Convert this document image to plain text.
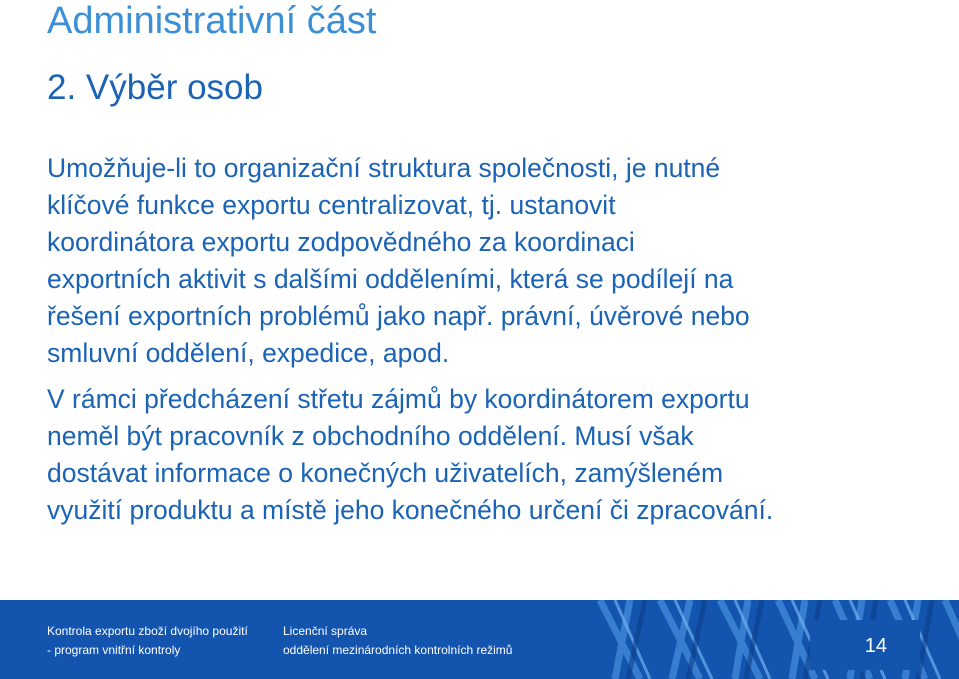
Administrativní část
2. Výběr osob

Umožňuje-li to organizační struktura společnosti, je nutné
klíčové funkce exportu centralizovat, tj. ustanovit
koordinátora exportu zodpovědného za koordinaci
exportních aktivit s dalšími odděleními, která se podílejí na
řešení exportních problémů jako např. právní, úvěrové nebo
smluvní oddělení, expedice, apod.

V rámci předcházení střetu zájmů by koordinátorem exportu
neměl být pracovník z obchodního oddělení. Musí však
dostávat informace o konečných uživatelích, zamýšleném
využití produktu a místě jeho konečného určení či zpracování.

Kontrola exportu zboží dvojího použití
- program vnitřní kontroly
Licenční správa
oddělení mezinárodních kontrolních režimů	14
